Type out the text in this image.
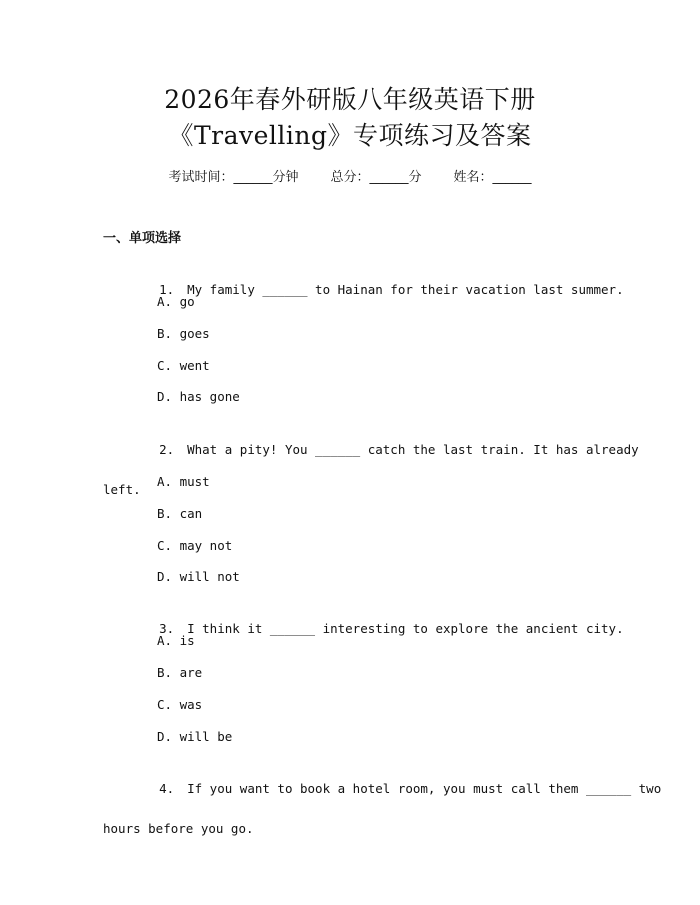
2026年春外研版八年级英语下册
《Travelling》专项练习及答案
考试时间：______分钟 总分：______分 姓名：______
一、单项选择

1. My family ______ to Hainan for their vacation last summer.

A. go
B. goes
C. went
D. has gone

2. What a pity! You ______ catch the last train. It has already

left.

A. must
B. can
C. may not
D. will not

3. I think it ______ interesting to explore the ancient city.

A. is
B. are
C. was
D. will be

4. If you want to book a hotel room, you must call them ______ two

hours before you go.
